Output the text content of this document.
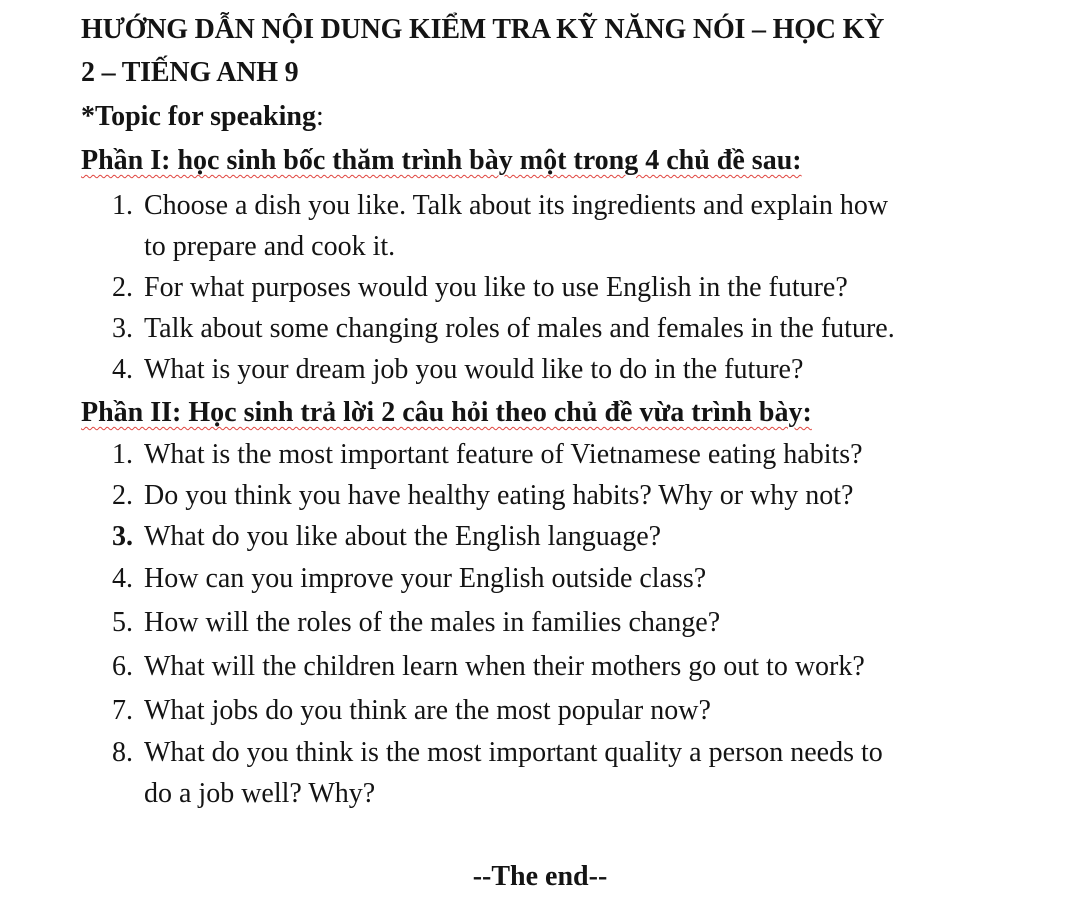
HƯỚNG DẪN NỘI DUNG KIỂM TRA KỸ NĂNG NÓI – HỌC KỲ
2 – TIẾNG ANH 9
*Topic for speaking:
Phần I: học sinh bốc thăm trình bày một trong 4 chủ đề sau:
1. Choose a dish you like. Talk about its ingredients and explain how
to prepare and cook it.
2. For what purposes would you like to use English in the future?
3. Talk about some changing roles of males and females in the future.
4. What is your dream job you would like to do in the future?
Phần II: Học sinh trả lời 2 câu hỏi theo chủ đề vừa trình bày:
1. What is the most important feature of Vietnamese eating habits?
2. Do you think you have healthy eating habits? Why or why not?
3. What do you like about the English language?
4. How can you improve your English outside class?
5. How will the roles of the males in families change?
6. What will the children learn when their mothers go out to work?
7. What jobs do you think are the most popular now?
8. What do you think is the most important quality a person needs to
do a job well? Why?
--The end--
